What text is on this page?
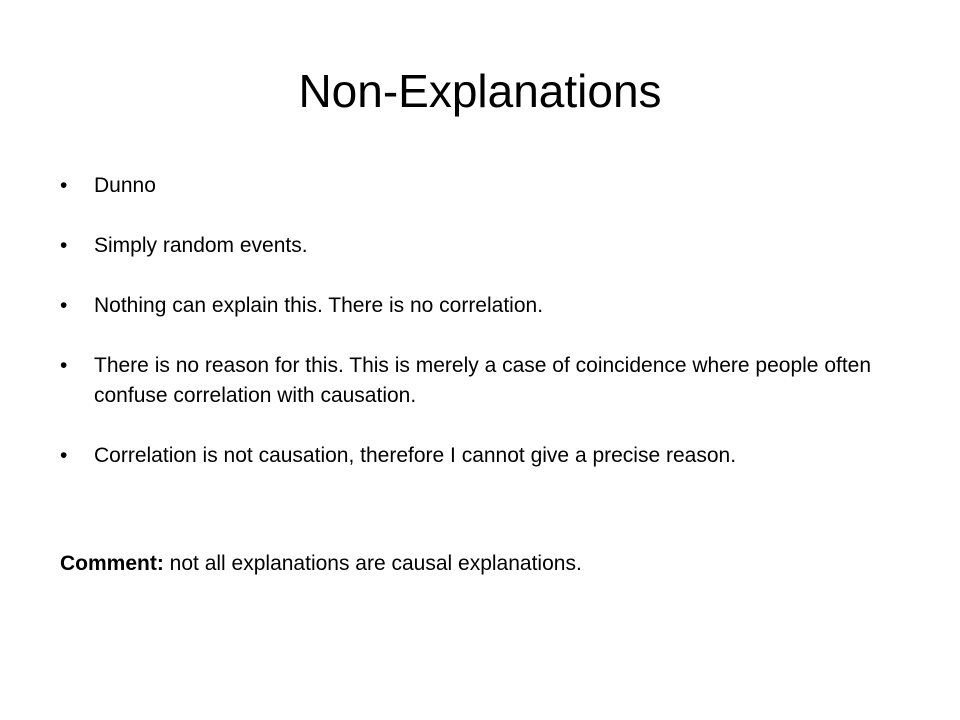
Non-Explanations
•	Dunno
•	Simply random events.
•	Nothing can explain this. There is no correlation.
•	There is no reason for this. This is merely a case of coincidence where people often confuse correlation with causation.
•	Correlation is not causation, therefore I cannot give a precise reason.

Comment: not all explanations are causal explanations.
